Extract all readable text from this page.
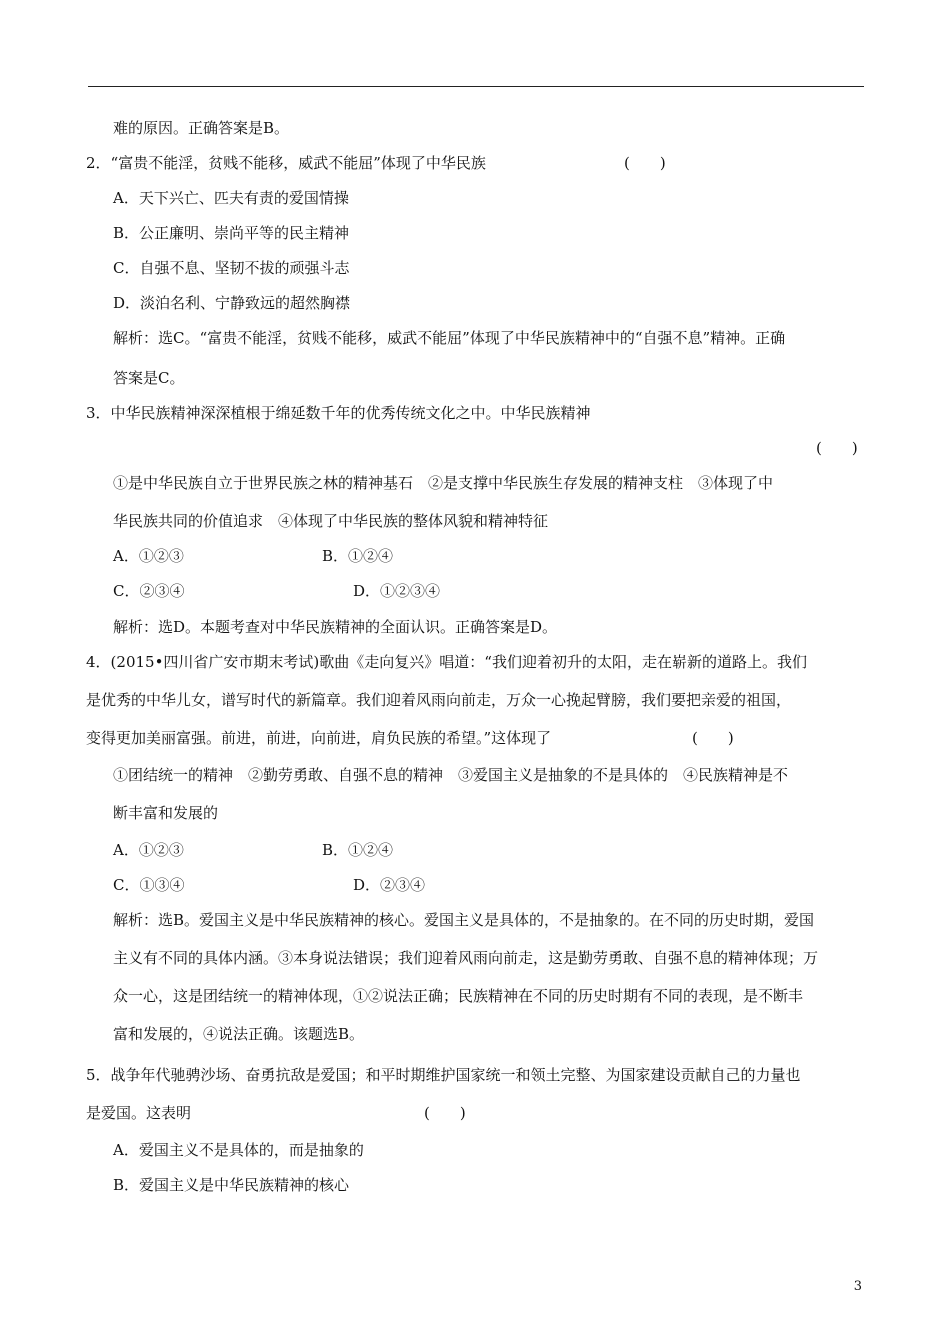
难的原因。正确答案是B。
2．“富贵不能淫，贫贱不能移，威武不能屈”体现了中华民族	(　　)
A．天下兴亡、匹夫有责的爱国情操
B．公正廉明、崇尚平等的民主精神
C．自强不息、坚韧不拔的顽强斗志
D．淡泊名利、宁静致远的超然胸襟
解析：选C。“富贵不能淫，贫贱不能移，威武不能屈”体现了中华民族精神中的“自强不息”精神。正确
答案是C。
3．中华民族精神深深植根于绵延数千年的优秀传统文化之中。中华民族精神
(　　)
①是中华民族自立于世界民族之林的精神基石　②是支撑中华民族生存发展的精神支柱　③体现了中
华民族共同的价值追求　④体现了中华民族的整体风貌和精神特征
A．①②③	B．①②④
C．②③④	D．①②③④
解析：选D。本题考查对中华民族精神的全面认识。正确答案是D。
4．(2015•四川省广安市期末考试)歌曲《走向复兴》唱道：“我们迎着初升的太阳，走在崭新的道路上。我们
是优秀的中华儿女，谱写时代的新篇章。我们迎着风雨向前走，万众一心挽起臂膀，我们要把亲爱的祖国，
变得更加美丽富强。前进，前进，向前进，肩负民族的希望。”这体现了	(　　)
①团结统一的精神　②勤劳勇敢、自强不息的精神　③爱国主义是抽象的不是具体的　④民族精神是不
断丰富和发展的
A．①②③	B．①②④
C．①③④	D．②③④
解析：选B。爱国主义是中华民族精神的核心。爱国主义是具体的，不是抽象的。在不同的历史时期，爱国
主义有不同的具体内涵。③本身说法错误；我们迎着风雨向前走，这是勤劳勇敢、自强不息的精神体现；万
众一心，这是团结统一的精神体现，①②说法正确；民族精神在不同的历史时期有不同的表现，是不断丰
富和发展的，④说法正确。该题选B。
5．战争年代驰骋沙场、奋勇抗敌是爱国；和平时期维护国家统一和领土完整、为国家建设贡献自己的力量也
是爱国。这表明	(　　)
A．爱国主义不是具体的，而是抽象的
B．爱国主义是中华民族精神的核心
3
